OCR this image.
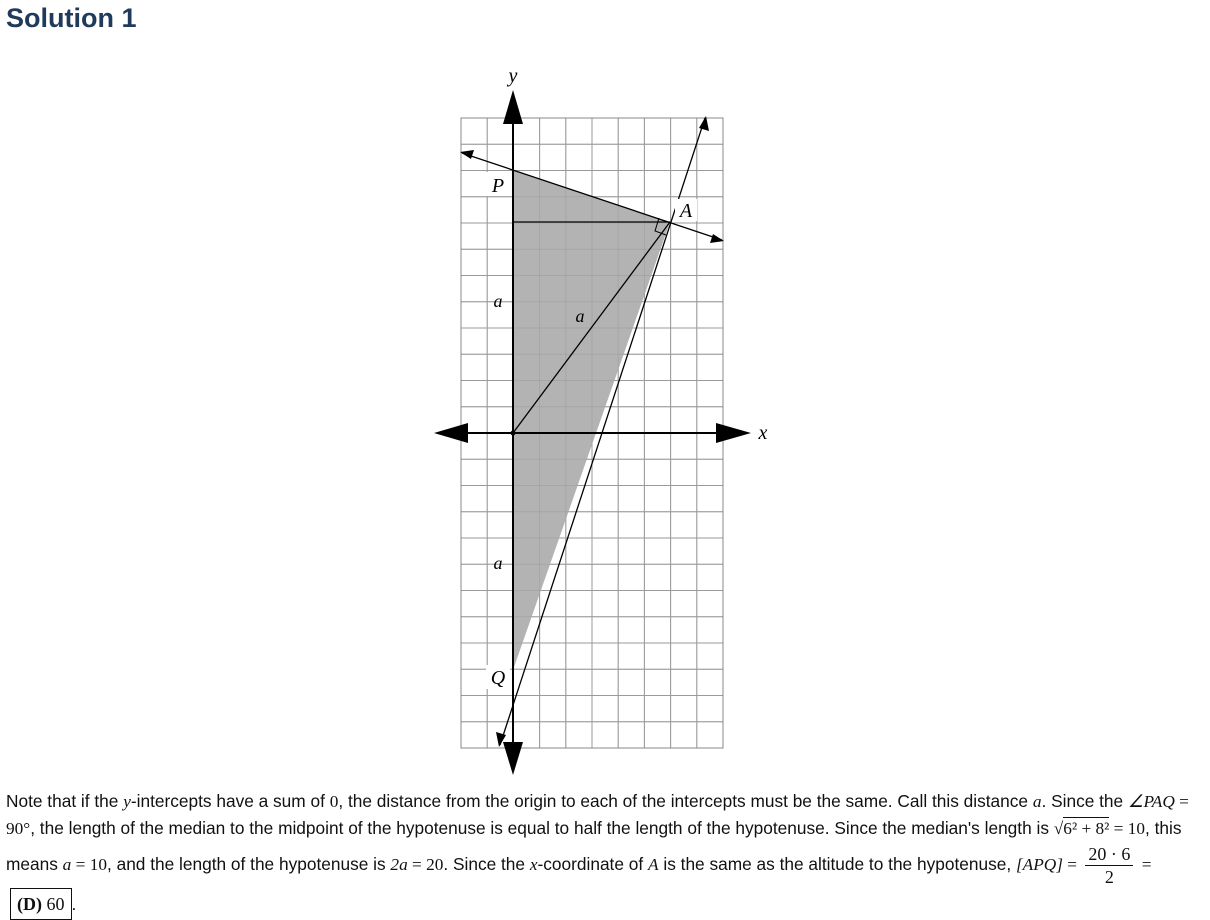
Solution 1
y
x
P
A
Q
a
a
a

Note that if the y-intercepts have a sum of 0, the distance from the origin to each of the intercepts must be the same. Call this distance a. Since the ∠PAQ = 90°, the length of the median to the midpoint of the hypotenuse is equal to half the length of the hypotenuse. Since the median's length is √6² + 8² = 10, this means a = 10, and the length of the hypotenuse is 2a = 20. Since the x-coordinate of A is the same as the altitude to the hypotenuse, $[APQ] = \frac{20 \cdot 6}{2} = (D)$ 60 .
